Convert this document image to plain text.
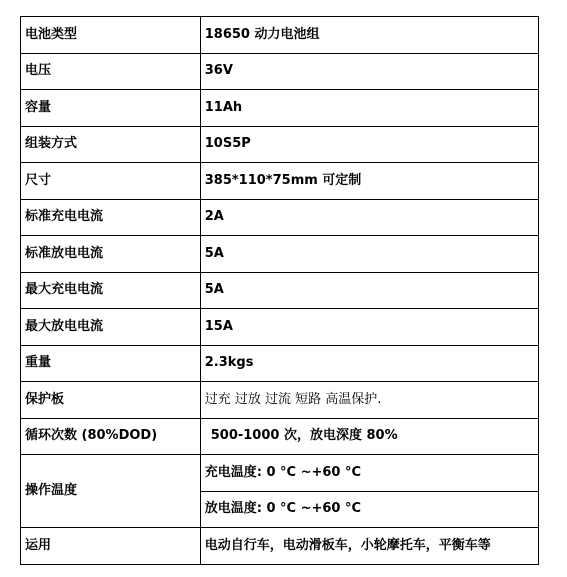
电池类型	18650 动力电池组
电压	36V
容量	11Ah
组装方式	10S5P
尺寸	385*110*75mm 可定制
标准充电电流	2A
标准放电电流	5A
最大充电电流	5A
最大放电电流	15A
重量	2.3kgs
保护板	过充 过放 过流 短路 高温保护.
循环次数 (80%DOD)	500-1000 次，放电深度 80%
操作温度	充电温度: 0 °C ~+60 °C
	放电温度: 0 °C ~+60 °C
运用	电动自行车，电动滑板车，小轮摩托车，平衡车等
